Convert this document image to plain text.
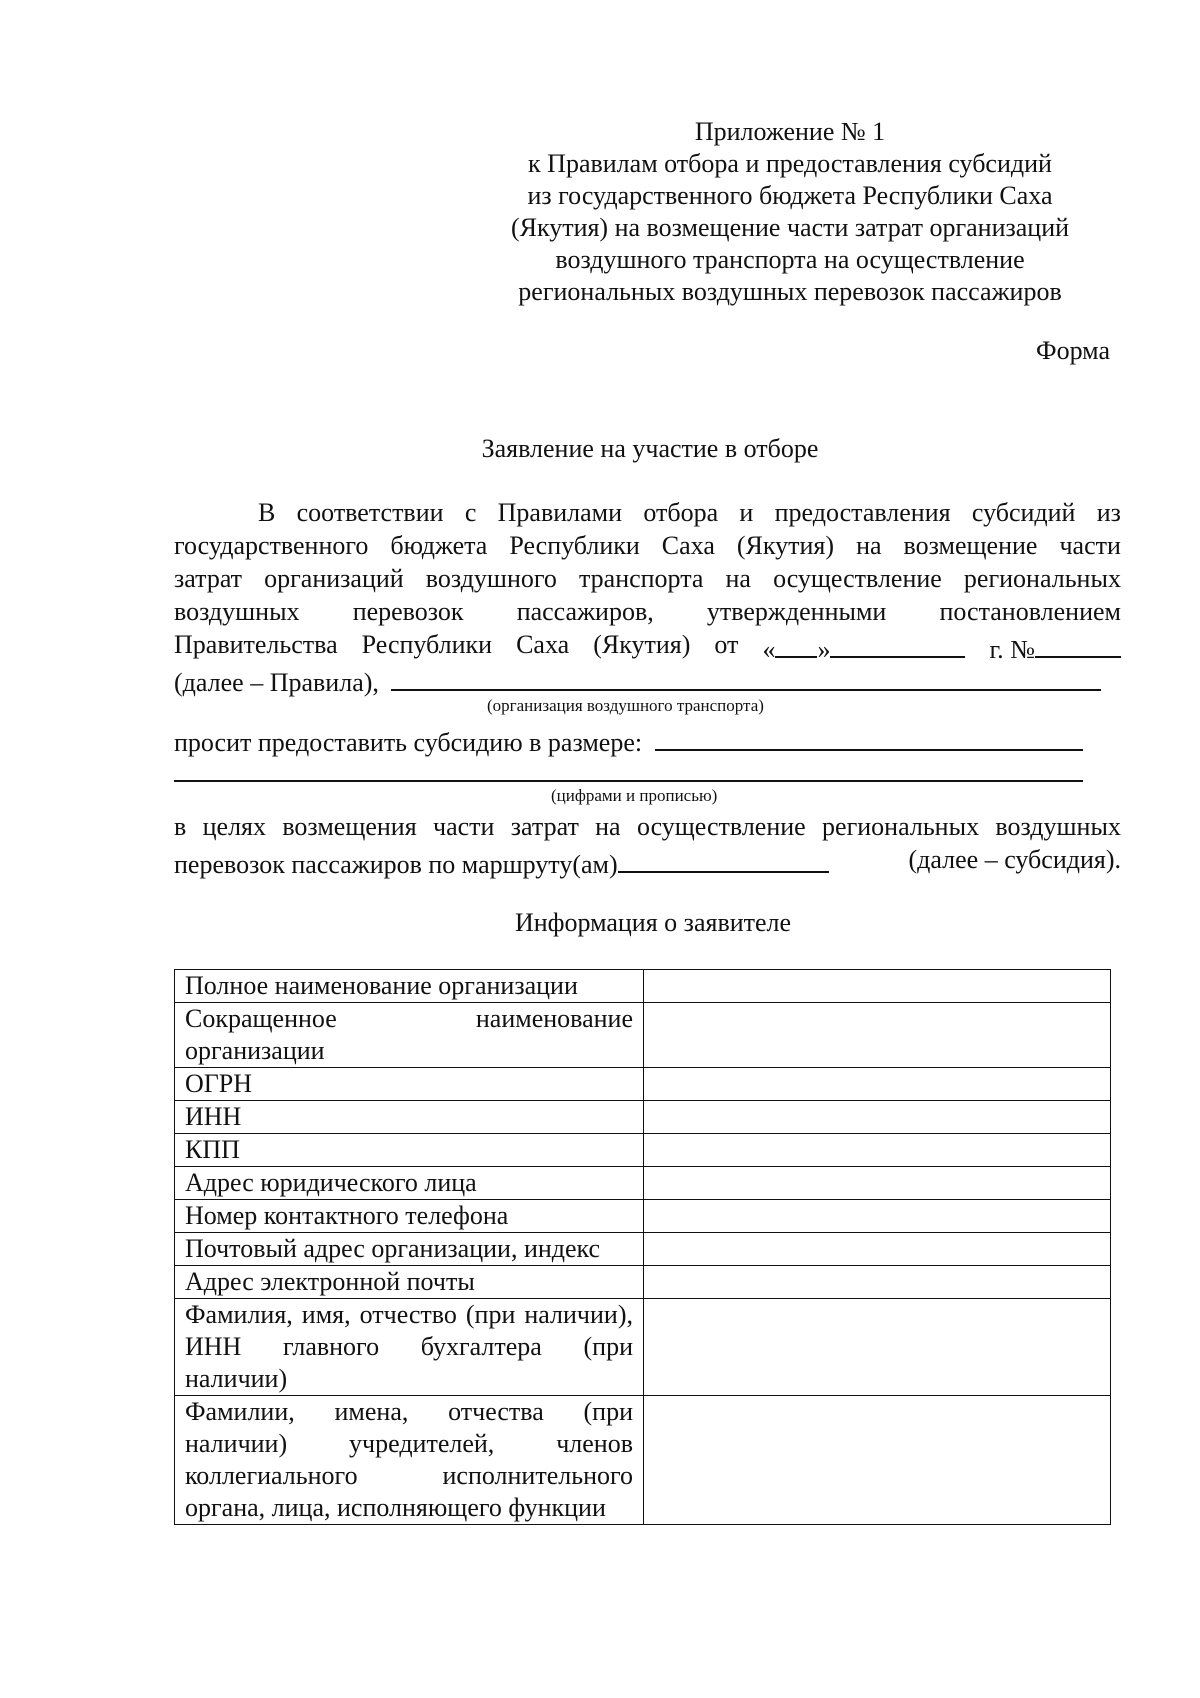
Приложение № 1
к Правилам отбора и предоставления субсидий
из государственного бюджета Республики Саха
(Якутия) на возмещение части затрат организаций
воздушного транспорта на осуществление
региональных воздушных перевозок пассажиров
Форма
Заявление на участие в отборе
В соответствии с Правилами отбора и предоставления субсидий из
государственного бюджета Республики Саха (Якутия) на возмещение части
затрат организаций воздушного транспорта на осуществление региональных
воздушных перевозок пассажиров, утвержденными постановлением
Правительства Республики Саха (Якутия) от « »	г. №
(далее – Правила),
(организация воздушного транспорта)
просит предоставить субсидию в размере:
(цифрами и прописью)
в целях возмещения части затрат на осуществление региональных воздушных
перевозок пассажиров по маршруту(ам)	(далее – субсидия).
Информация о заявителе
Полное наименование организации	

Сокращенное наименование
организации	

ОГРН	
ИНН	
КПП	
Адрес юридического лица	
Номер контактного телефона	
Почтовый адрес организации, индекс	
Адрес электронной почты	
Фамилия, имя, отчество (при наличии), ИНН главного бухгалтера (при наличии)	
Фамилии, имена, отчества (при наличии) учредителей, членов коллегиального исполнительного органа, лица, исполняющего функции	
